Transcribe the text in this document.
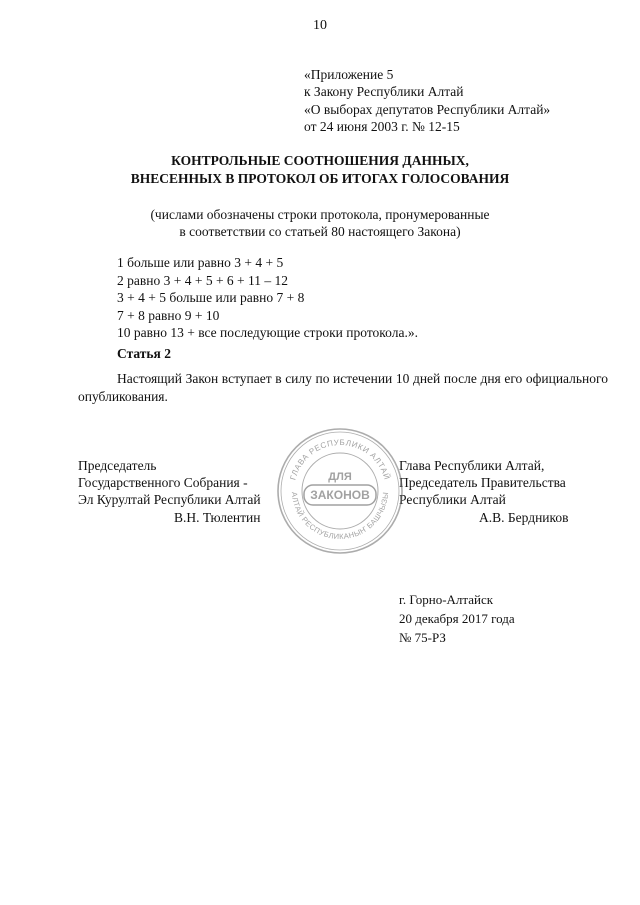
10
«Приложение 5
к Закону Республики Алтай
«О выборах депутатов Республики Алтай»
от 24 июня 2003 г. № 12-15
КОНТРОЛЬНЫЕ СООТНОШЕНИЯ ДАННЫХ,
ВНЕСЕННЫХ В ПРОТОКОЛ ОБ ИТОГАХ ГОЛОСОВАНИЯ
(числами обозначены строки протокола, пронумерованные
в соответствии со статьей 80 настоящего Закона)
1 больше или равно 3 + 4 + 5
2 равно 3 + 4 + 5 + 6 + 11 – 12
3 + 4 + 5 больше или равно 7 + 8
7 + 8 равно 9 + 10
10 равно 13 + все последующие строки протокола.».
Статья 2
Настоящий Закон вступает в силу по истечении 10 дней после дня его официального опубликования.
Председатель
Государственного Собрания -
Эл Курултай Республики Алтай
В.Н. Тюлентин
Глава Республики Алтай,
Председатель Правительства
Республики Алтай
А.В. Бердников
ГЛАВА РЕСПУБЛИКИ АЛТАЙ
АЛТАЙ РЕСПУБЛИКАНЫҤ БАШЧЫЗЫ
ДЛЯ
ЗАКОНОВ
г. Горно-Алтайск
20 декабря 2017 года
№ 75-РЗ
